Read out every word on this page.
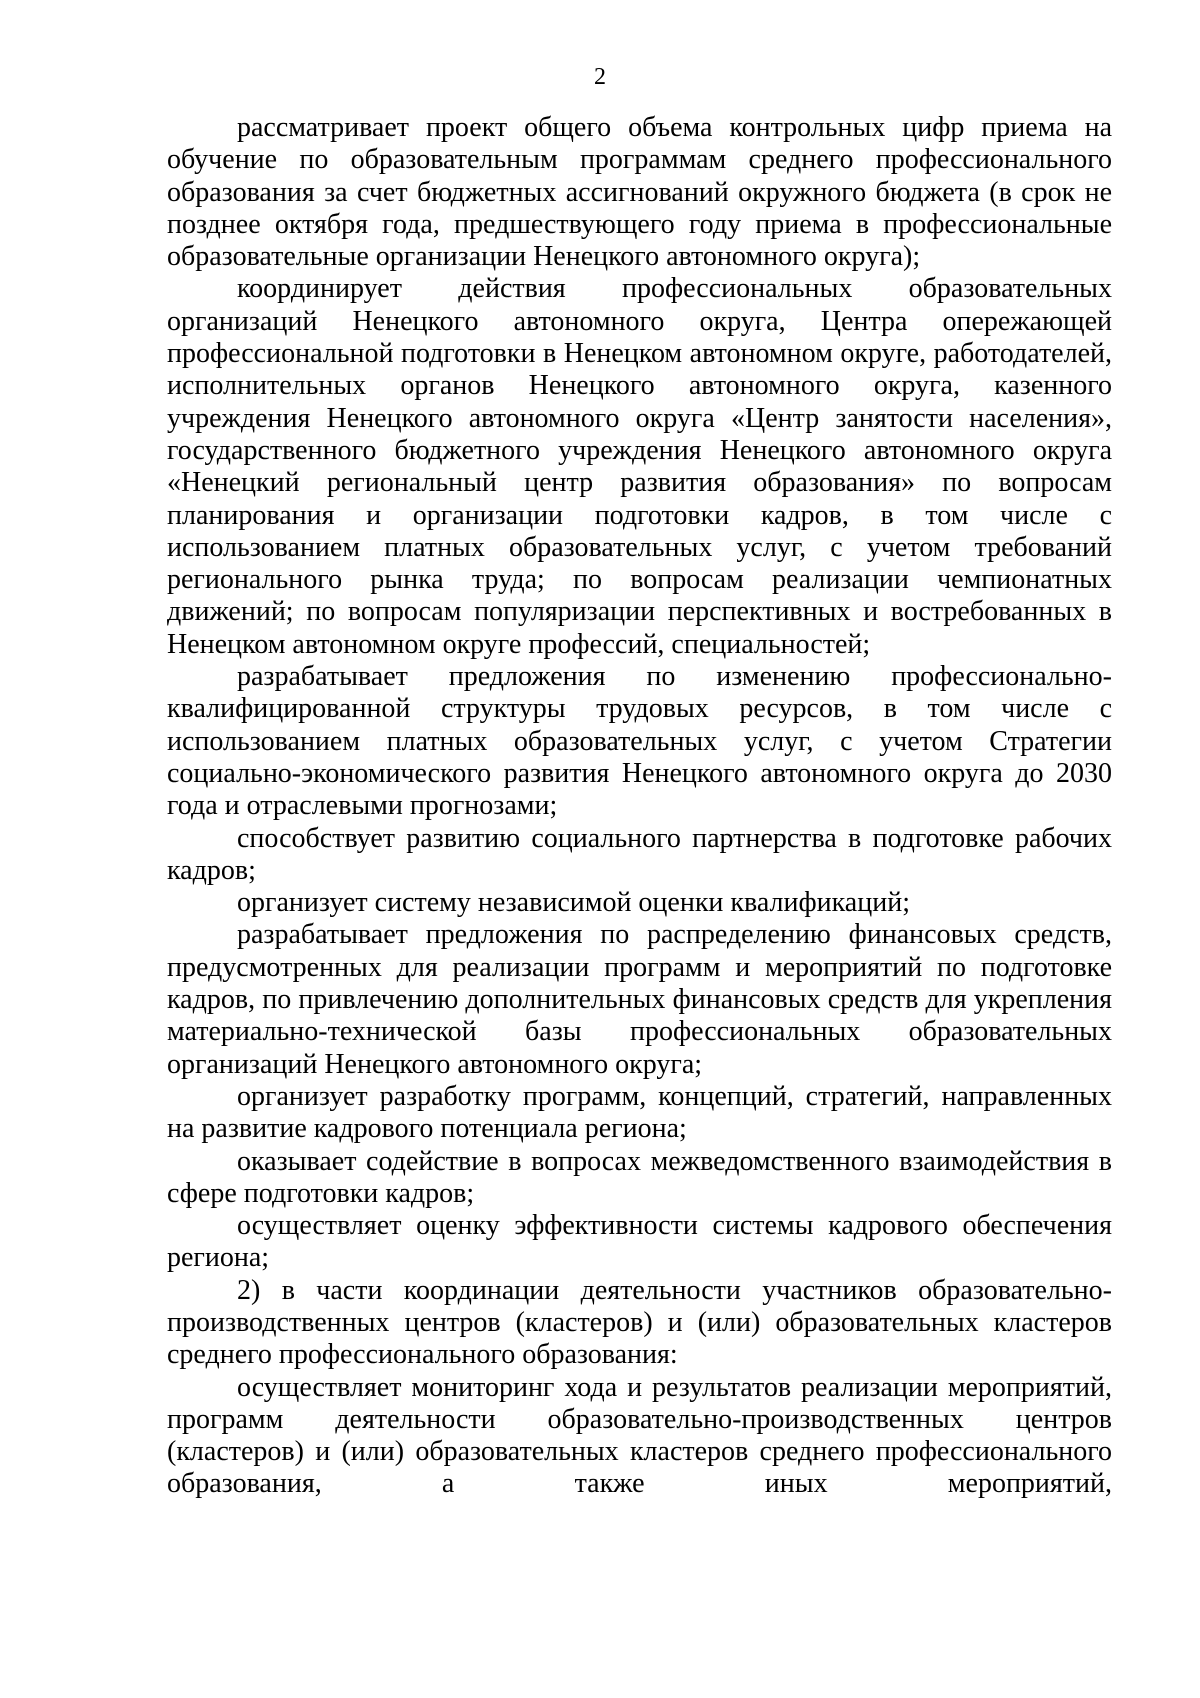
2

рассматривает проект общего объема контрольных цифр приема на обучение по образовательным программам среднего профессионального образования за счет бюджетных ассигнований окружного бюджета (в срок не позднее октября года, предшествующего году приема в профессиональные образовательные организации Ненецкого автономного округа);

координирует действия профессиональных образовательных организаций Ненецкого автономного округа, Центра опережающей профессиональной подготовки в Ненецком автономном округе, работодателей, исполнительных органов Ненецкого автономного округа, казенного учреждения Ненецкого автономного округа «Центр занятости населения», государственного бюджетного учреждения Ненецкого автономного округа «Ненецкий региональный центр развития образования» по вопросам планирования и организации подготовки кадров, в том числе с использованием платных образовательных услуг, с учетом требований регионального рынка труда; по вопросам реализации чемпионатных движений; по вопросам популяризации перспективных и востребованных в Ненецком автономном округе профессий, специальностей;

разрабатывает предложения по изменению профессионально-квалифицированной структуры трудовых ресурсов, в том числе с использованием платных образовательных услуг, с учетом Стратегии социально-экономического развития Ненецкого автономного округа до 2030 года и отраслевыми прогнозами;

способствует развитию социального партнерства в подготовке рабочих кадров;

организует систему независимой оценки квалификаций;

разрабатывает предложения по распределению финансовых средств, предусмотренных для реализации программ и мероприятий по подготовке кадров, по привлечению дополнительных финансовых средств для укрепления материально-технической базы профессиональных образовательных организаций Ненецкого автономного округа;

организует разработку программ, концепций, стратегий, направленных на развитие кадрового потенциала региона;

оказывает содействие в вопросах межведомственного взаимодействия в сфере подготовки кадров;

осуществляет оценку эффективности системы кадрового обеспечения региона;

2) в части координации деятельности участников образовательно-производственных центров (кластеров) и (или) образовательных кластеров среднего профессионального образования:

осуществляет мониторинг хода и результатов реализации мероприятий, программ деятельности образовательно-производственных центров (кластеров) и (или) образовательных кластеров среднего профессионального образования, а также иных мероприятий,
